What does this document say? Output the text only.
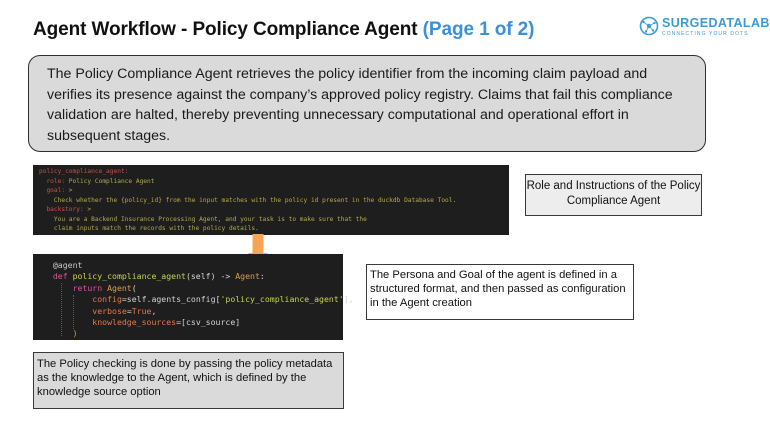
Agent Workflow - Policy Compliance Agent (Page 1 of 2)	SURGEDATALAB
CONNECTING YOUR DOTS
The Policy Compliance Agent retrieves the policy identifier from the incoming claim payload and verifies its presence against the company’s approved policy registry. Claims that fail this compliance validation are halted, thereby preventing unnecessary computational and operational effort in subsequent stages.
policy_compliance_agent:
role: Policy Compliance Agent
goal: >
Check whether the {policy_id} from the input matches with the policy id present in the duckdb Database Tool.
backstory: >
You are a Backend Insurance Processing Agent, and your task is to make sure that the
claim inputs match the records with the policy details.
@agent
def policy_compliance_agent(self) -> Agent:
return Agent(
config=self.agents_config['policy_compliance_agent'],
verbose=True,
knowledge_sources=[csv_source]
)
Role and Instructions of the Policy Compliance Agent
The Persona and Goal of the agent is defined in a structured format, and then passed as configuration in the Agent creation
The Policy checking is done by passing the policy metadata as the knowledge to the Agent, which is defined by the knowledge source option
